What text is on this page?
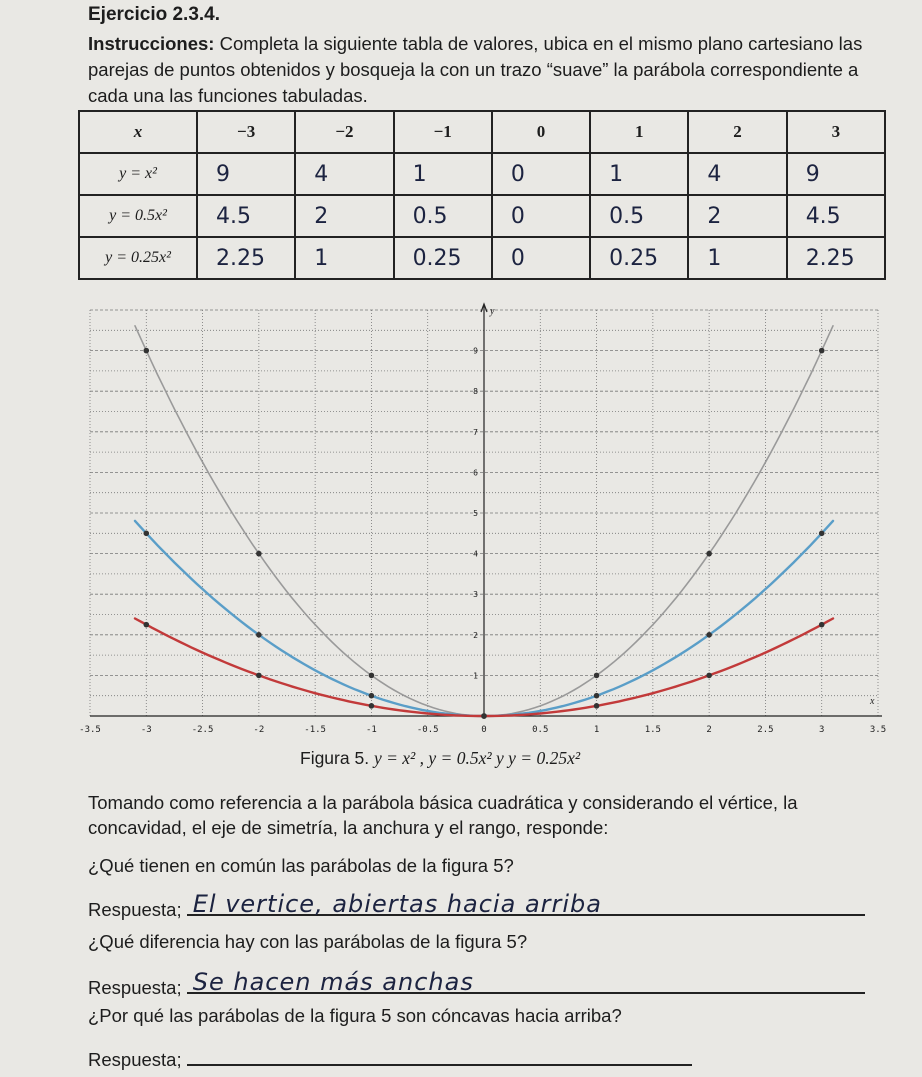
Ejercicio 2.3.4.
Instrucciones: Completa la siguiente tabla de valores, ubica en el mismo plano cartesiano las parejas de puntos obtenidos y bosqueja la con un trazo “suave” la parábola correspondiente a cada una las funciones tabuladas.
x	−3	−2	−1	0	1	2	3
y = x²	9	4	1	0	1	4	9
y = 0.5x²	4.5	2	0.5	0	0.5	2	4.5
y = 0.25x²	2.25	1	0.25	0	0.25	1	2.25
-3.5	-3	-2.5	-2	-1.5	-1	-0.5	0	0.5	1	1.5	2	2.5	3	3.5
1
2
3
4
5
6
7
8
9
x
y
Figura 5. y = x² , y = 0.5x² y y = 0.25x²
Tomando como referencia a la parábola básica cuadrática y considerando el vértice, la concavidad, el eje de simetría, la anchura y el rango, responde:
¿Qué tienen en común las parábolas de la figura 5?
Respuesta; El vertice, abiertas hacia arriba
¿Qué diferencia hay con las parábolas de la figura 5?
Respuesta; Se hacen más anchas
¿Por qué las parábolas de la figura 5 son cóncavas hacia arriba?
Respuesta;
